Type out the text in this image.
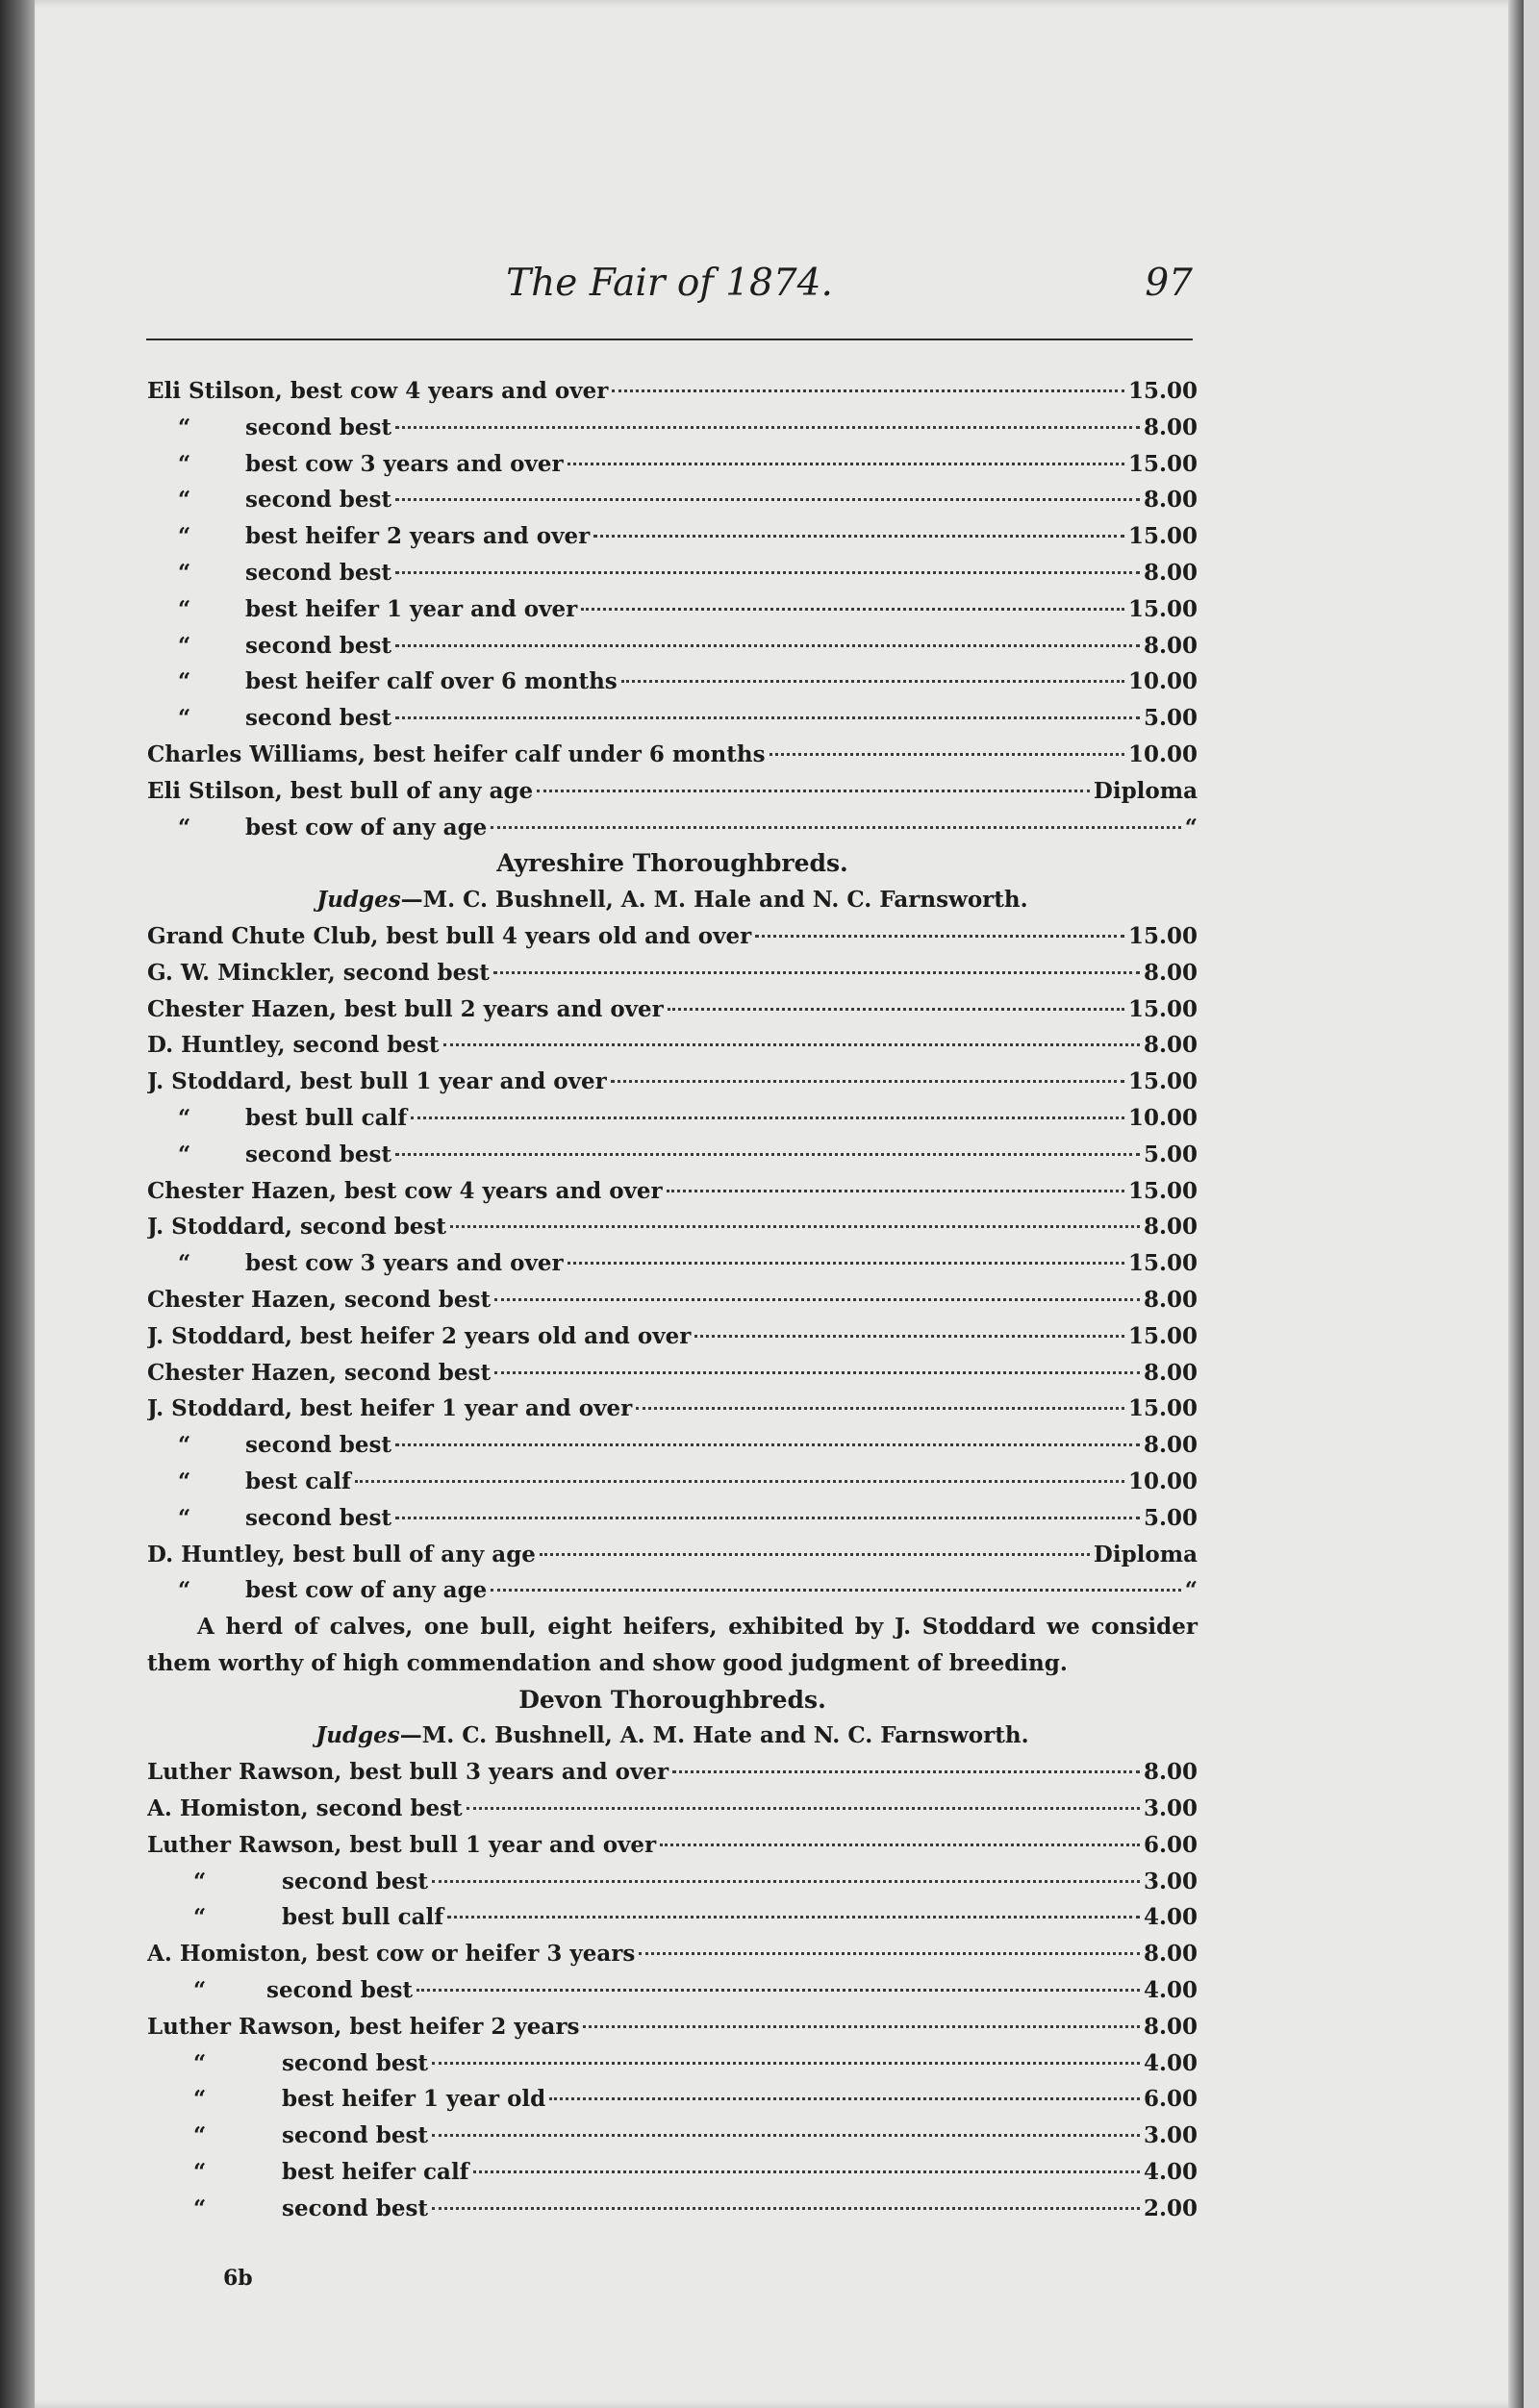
The Fair of 1874.	97
Eli Stilson, best cow 4 years and over	15.00
“	second best	8.00
“	best cow 3 years and over	15.00
“	second best	8.00
“	best heifer 2 years and over	15.00
“	second best	8.00
“	best heifer 1 year and over	15.00
“	second best	8.00
“	best heifer calf over 6 months	10.00
“	second best	5.00
Charles Williams, best heifer calf under 6 months	10.00
Eli Stilson, best bull of any age	Diploma
“	best cow of any age	“
Ayreshire Thoroughbreds.
Judges—M. C. Bushnell, A. M. Hale and N. C. Farnsworth.
Grand Chute Club, best bull 4 years old and over	15.00
G. W. Minckler, second best	8.00
Chester Hazen, best bull 2 years and over	15.00
D. Huntley, second best	8.00
J. Stoddard, best bull 1 year and over	15.00
“	best bull calf	10.00
“	second best	5.00
Chester Hazen, best cow 4 years and over	15.00
J. Stoddard, second best	8.00
“	best cow 3 years and over	15.00
Chester Hazen, second best	8.00
J. Stoddard, best heifer 2 years old and over	15.00
Chester Hazen, second best	8.00
J. Stoddard, best heifer 1 year and over	15.00
“	second best	8.00
“	best calf	10.00
“	second best	5.00
D. Huntley, best bull of any age	Diploma
“	best cow of any age	“

A herd of calves, one bull, eight heifers, exhibited by J. Stoddard we consider them worthy of high commendation and show good judgment of breeding.

Devon Thoroughbreds.
Judges—M. C. Bushnell, A. M. Hate and N. C. Farnsworth.
Luther Rawson, best bull 3 years and over	8.00
A. Homiston, second best	3.00
Luther Rawson, best bull 1 year and over	6.00
“	second best	3.00
“	best bull calf	4.00
A. Homiston, best cow or heifer 3 years	8.00
“	second best	4.00
Luther Rawson, best heifer 2 years	8.00
“	second best	4.00
“	best heifer 1 year old	6.00
“	second best	3.00
“	best heifer calf	4.00
“	second best	2.00
6b
